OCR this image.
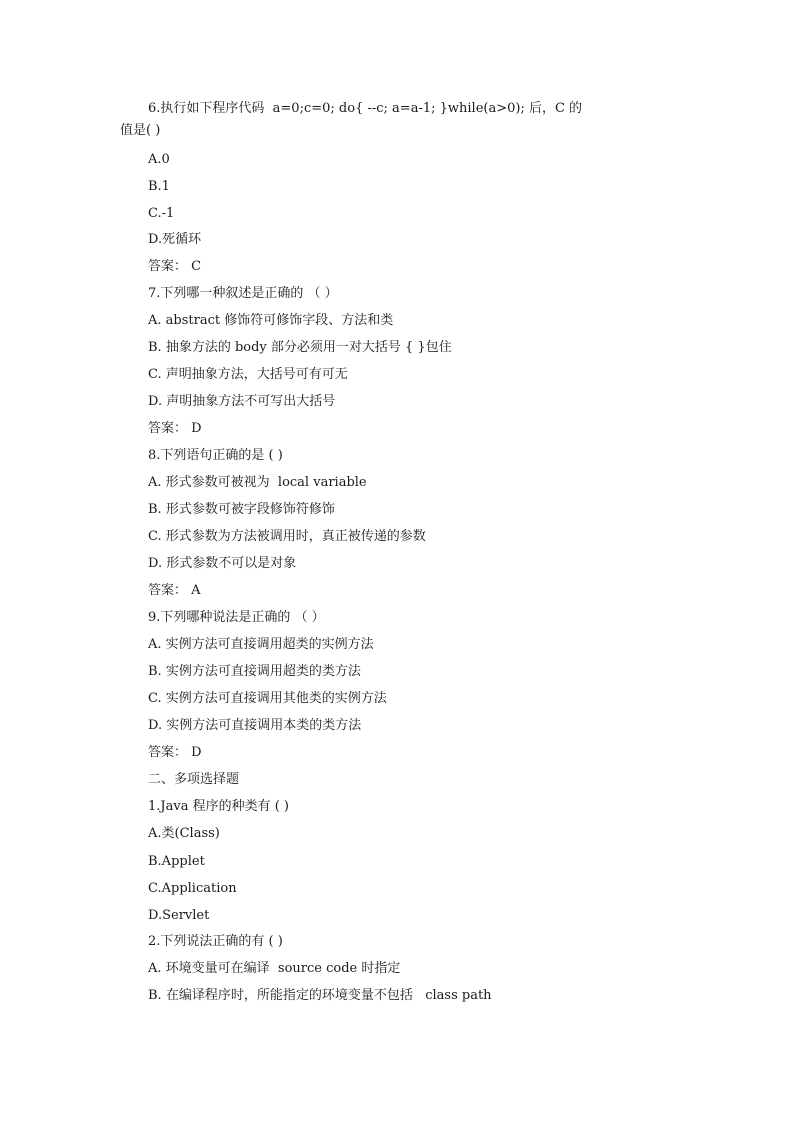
6.执行如下程序代码  a=0;c=0; do{ --c; a=a-1; }while(a>0); 后，C 的
值是( )
A.0
B.1
C.-1
D.死循环
答案： C
7.下列哪一种叙述是正确的 （ ）
A. abstract 修饰符可修饰字段、方法和类
B. 抽象方法的 body 部分必须用一对大括号 { }包住
C. 声明抽象方法，大括号可有可无
D. 声明抽象方法不可写出大括号
答案： D
8.下列语句正确的是 ( )
A. 形式参数可被视为  local variable
B. 形式参数可被字段修饰符修饰
C. 形式参数为方法被调用时，真正被传递的参数
D. 形式参数不可以是对象
答案： A
9.下列哪种说法是正确的 （ ）
A. 实例方法可直接调用超类的实例方法
B. 实例方法可直接调用超类的类方法
C. 实例方法可直接调用其他类的实例方法
D. 实例方法可直接调用本类的类方法
答案： D
二、多项选择题
1.Java 程序的种类有 ( )
A.类(Class)
B.Applet
C.Application
D.Servlet
2.下列说法正确的有 ( )
A. 环境变量可在编译  source code 时指定
B. 在编译程序时，所能指定的环境变量不包括   class path
